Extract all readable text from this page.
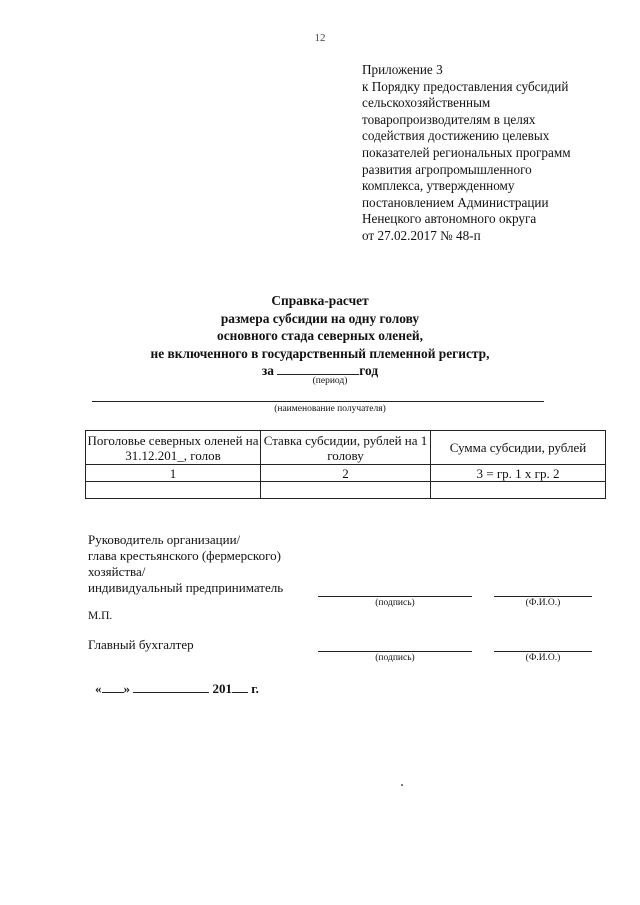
12
Приложение 3
к Порядку предоставления субсидий
сельскохозяйственным
товаропроизводителям в целях
содействия достижению целевых
показателей региональных программ
развития агропромышленного
комплекса, утвержденному
постановлением Администрации
Ненецкого автономного округа
от 27.02.2017 № 48-п
Справка-расчет
размера субсидии на одну голову
основного стада северных оленей,
не включенного в государственный племенной регистр,
за	год
(период)
(наименование получателя)
Поголовье северных оленей на 31.12.201_, голов	Ставка субсидии, рублей на 1 голову	Сумма субсидии, рублей
1	2	3 = гр. 1 х гр. 2

Руководитель организации/
глава крестьянского (фермерского)
хозяйства/
индивидуальный предприниматель
(подпись)	(Ф.И.О.)
М.П.
Главный бухгалтер
(подпись)	(Ф.И.О.)
« »	201 г.
